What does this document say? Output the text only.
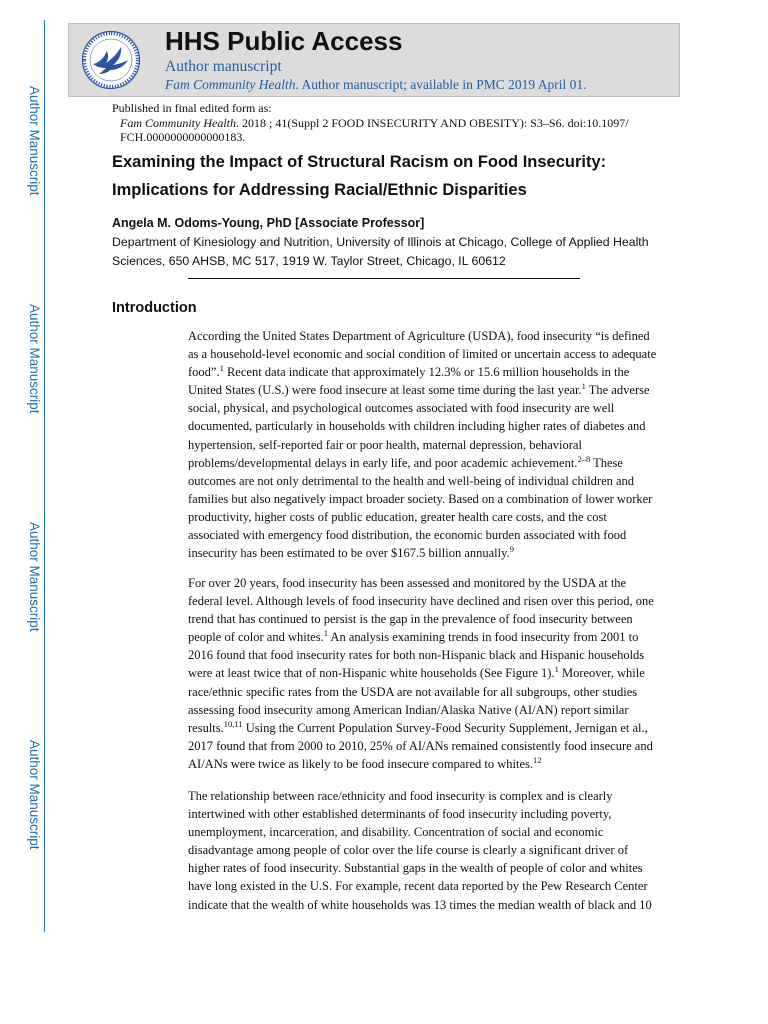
Author Manuscript
Author Manuscript
Author Manuscript
Author Manuscript
HHS Public Access
Author manuscript
Fam Community Health. Author manuscript; available in PMC 2019 April 01.
Published in final edited form as:
Fam Community Health. 2018 ; 41(Suppl 2 FOOD INSECURITY AND OBESITY): S3–S6. doi:10.1097/ FCH.0000000000000183.
Examining the Impact of Structural Racism on Food Insecurity: Implications for Addressing Racial/Ethnic Disparities
Angela M. Odoms-Young, PhD [Associate Professor]
Department of Kinesiology and Nutrition, University of Illinois at Chicago, College of Applied Health Sciences, 650 AHSB, MC 517, 1919 W. Taylor Street, Chicago, IL 60612
Introduction
According the United States Department of Agriculture (USDA), food insecurity “is defined as a household-level economic and social condition of limited or uncertain access to adequate food”.$^1$ Recent data indicate that approximately 12.3% or 15.6 million households in the United States (U.S.) were food insecure at least some time during the last year.$^1$ The adverse social, physical, and psychological outcomes associated with food insecurity are well documented, particularly in households with children including higher rates of diabetes and hypertension, self-reported fair or poor health, maternal depression, behavioral problems/developmental delays in early life, and poor academic achievement.$^{2-8}$ These outcomes are not only detrimental to the health and well-being of individual children and families but also negatively impact broader society. Based on a combination of lower worker productivity, higher costs of public education, greater health care costs, and the cost associated with emergency food distribution, the economic burden associated with food insecurity has been estimated to be over $167.5 billion annually.$^9$
For over 20 years, food insecurity has been assessed and monitored by the USDA at the federal level. Although levels of food insecurity have declined and risen over this period, one trend that has continued to persist is the gap in the prevalence of food insecurity between people of color and whites.$^1$ An analysis examining trends in food insecurity from 2001 to 2016 found that food insecurity rates for both non-Hispanic black and Hispanic households were at least twice that of non-Hispanic white households (See Figure 1).$^1$ Moreover, while race/ethnic specific rates from the USDA are not available for all subgroups, other studies assessing food insecurity among American Indian/Alaska Native (AI/AN) report similar results.$^{10,11}$ Using the Current Population Survey-Food Security Supplement, Jernigan et al., 2017 found that from 2000 to 2010, 25% of AI/ANs remained consistently food insecure and AI/ANs were twice as likely to be food insecure compared to whites.$^{12}$
The relationship between race/ethnicity and food insecurity is complex and is clearly intertwined with other established determinants of food insecurity including poverty, unemployment, incarceration, and disability. Concentration of social and economic disadvantage among people of color over the life course is clearly a significant driver of higher rates of food insecurity. Substantial gaps in the wealth of people of color and whites have long existed in the U.S. For example, recent data reported by the Pew Research Center indicate that the wealth of white households was 13 times the median wealth of black and 10
